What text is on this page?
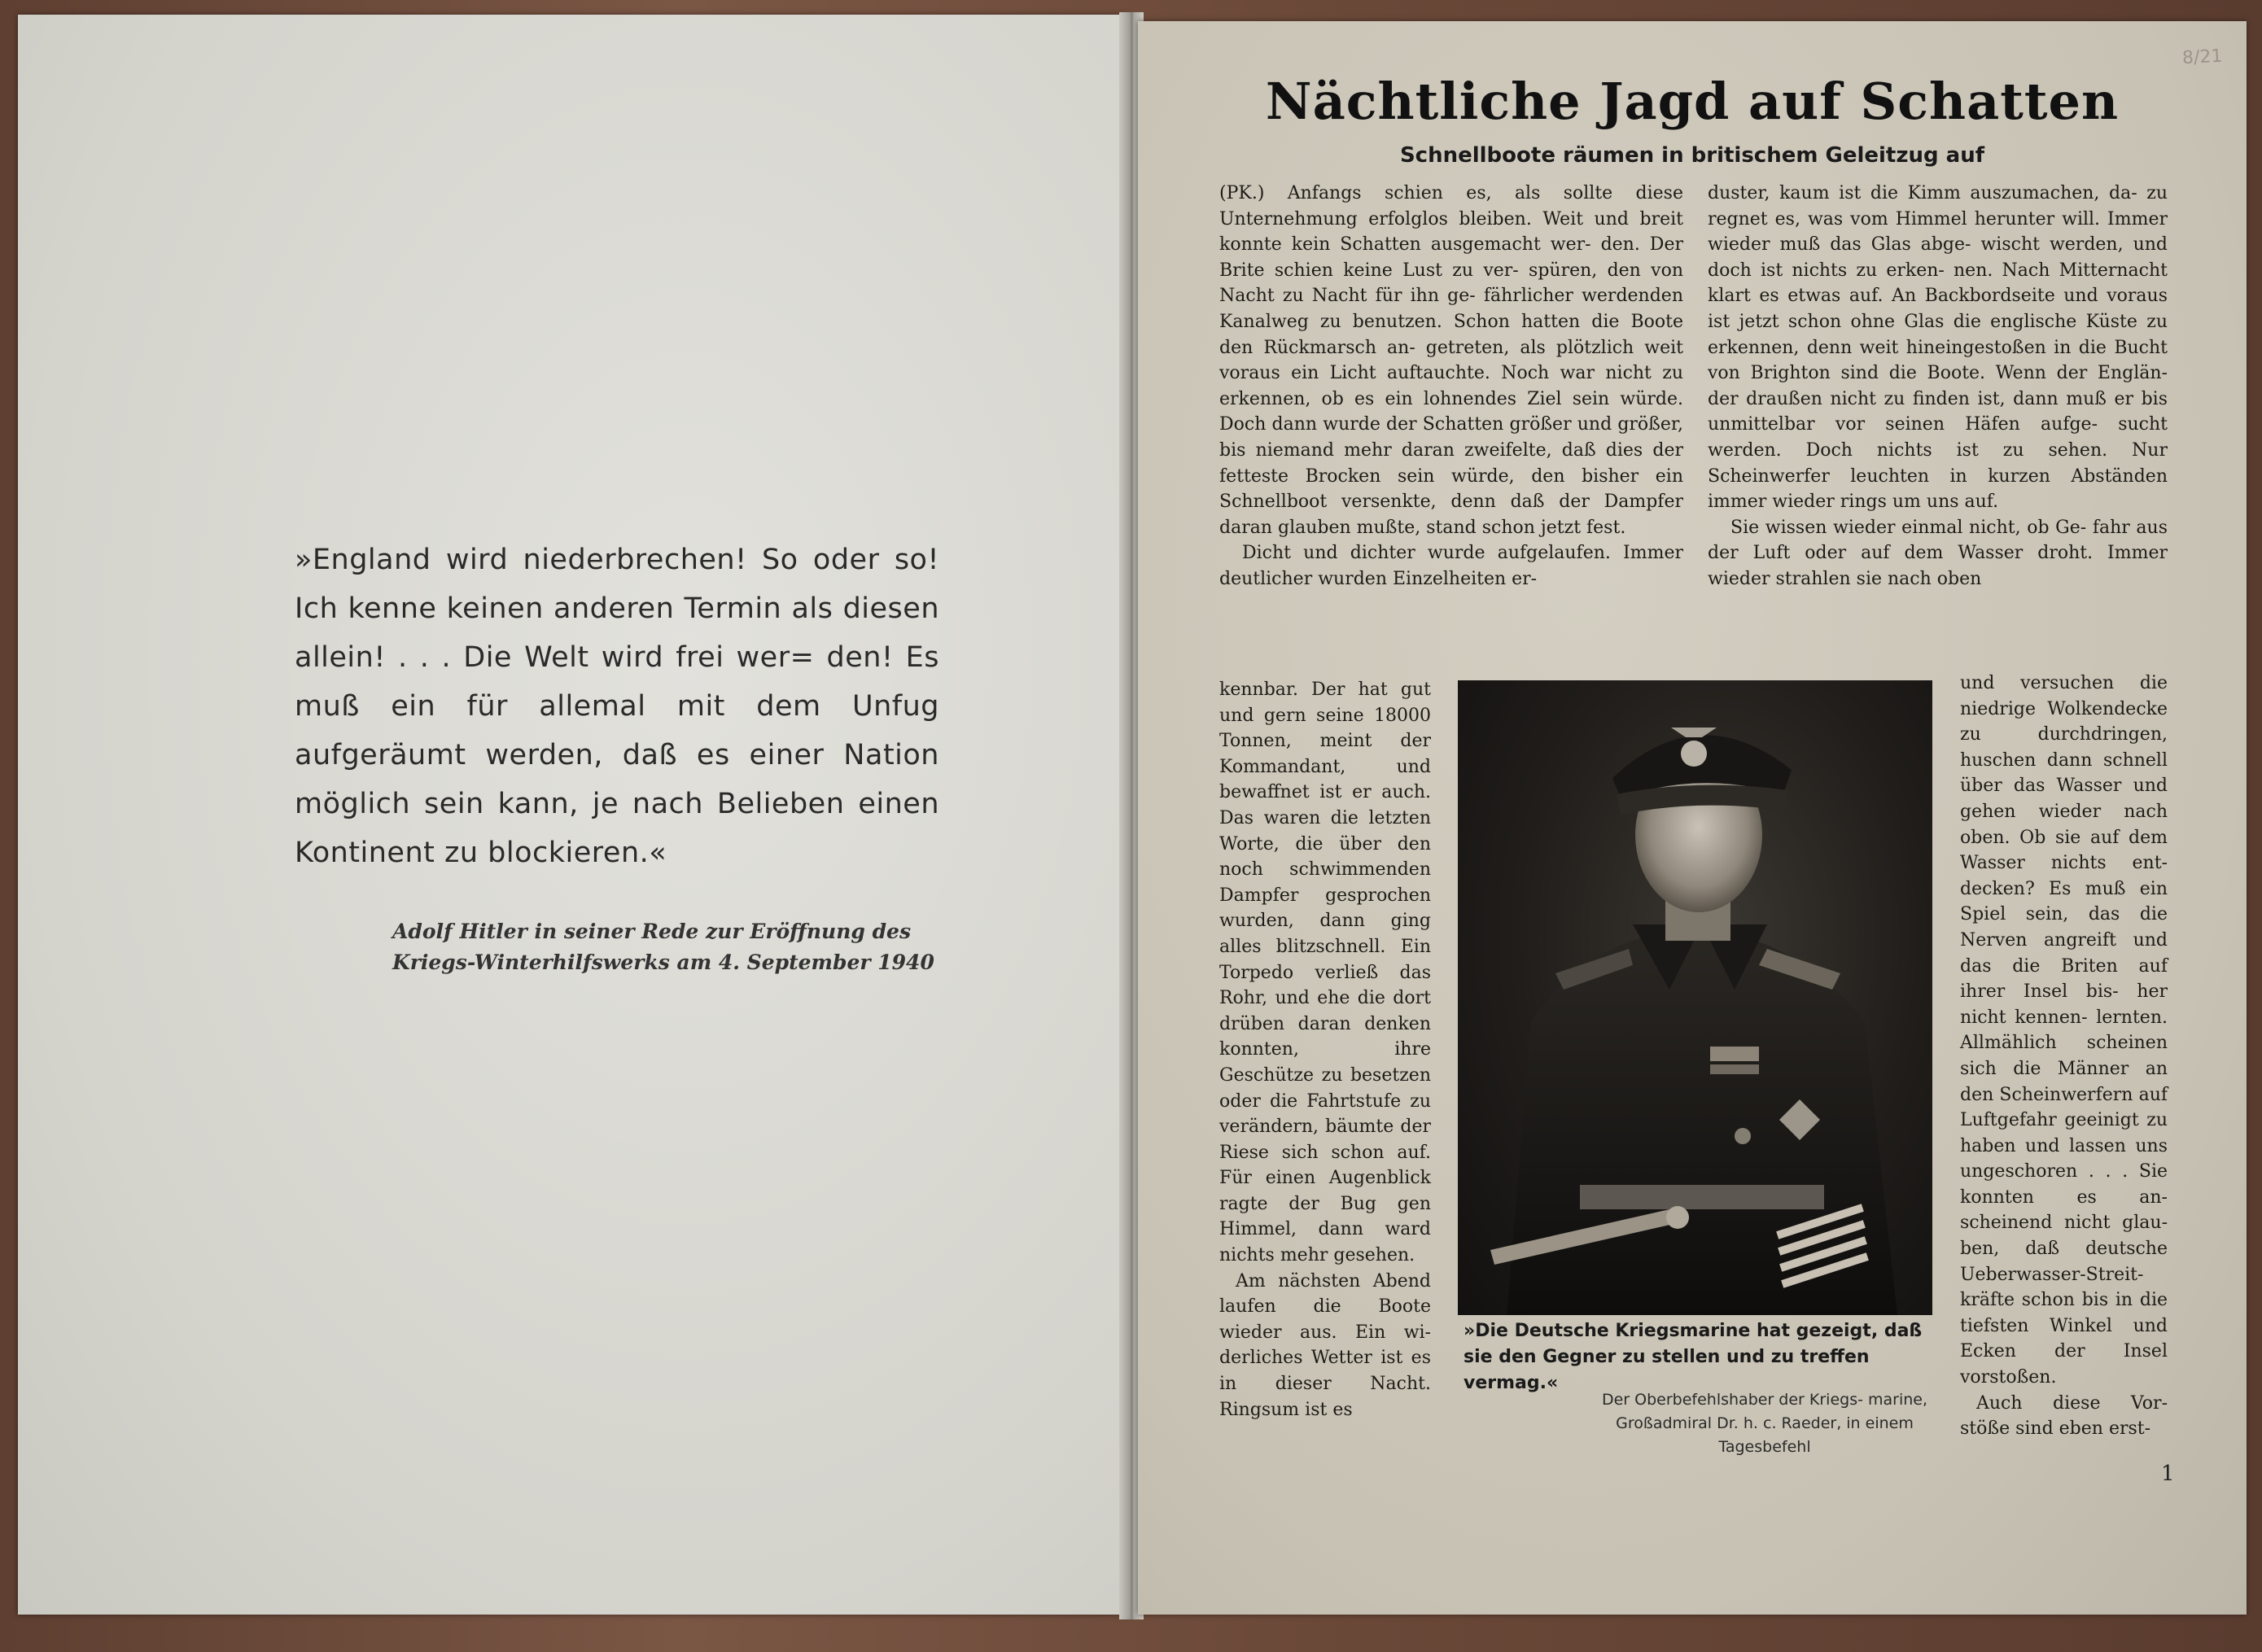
»England wird niederbrechen! So oder so! Ich kenne keinen anderen Termin als diesen allein! . . . Die Welt wird frei wer= den! Es muß ein für allemal mit dem Unfug aufgeräumt werden, daß es einer Nation möglich sein kann, je nach Belieben einen Kontinent zu blockieren.«
Adolf Hitler in seiner Rede zur Eröffnung des
Kriegs-Winterhilfswerks am 4. September 1940
8/21
Nächtliche Jagd auf Schatten
Schnellboote räumen in britischem Geleitzug auf

(PK.) Anfangs schien es, als sollte diese Unternehmung erfolglos bleiben. Weit und breit konnte kein Schatten ausgemacht wer- den. Der Brite schien keine Lust zu ver- spüren, den von Nacht zu Nacht für ihn ge- fährlicher werdenden Kanalweg zu benutzen. Schon hatten die Boote den Rückmarsch an- getreten, als plötzlich weit voraus ein Licht auftauchte. Noch war nicht zu erkennen, ob es ein lohnendes Ziel sein würde. Doch dann wurde der Schatten größer und größer, bis niemand mehr daran zweifelte, daß dies der fetteste Brocken sein würde, den bisher ein Schnellboot versenkte, denn daß der Dampfer daran glauben mußte, stand schon jetzt fest.

Dicht und dichter wurde aufgelaufen. Immer deutlicher wurden Einzelheiten er-

kennbar. Der hat gut und gern seine 18000 Tonnen, meint der Kommandant, und bewaffnet ist er auch. Das waren die letzten Worte, die über den noch schwimmenden Dampfer gesprochen wurden, dann ging alles blitzschnell. Ein Torpedo verließ das Rohr, und ehe die dort drüben daran denken konnten, ihre Geschütze zu besetzen oder die Fahrtstufe zu verändern, bäumte der Riese sich schon auf. Für einen Augenblick ragte der Bug gen Himmel, dann ward nichts mehr gesehen.

Am nächsten Abend laufen die Boote wieder aus. Ein wi- derliches Wetter ist es in dieser Nacht. Ringsum ist es

duster, kaum ist die Kimm auszumachen, da- zu regnet es, was vom Himmel herunter will. Immer wieder muß das Glas abge- wischt werden, und doch ist nichts zu erken- nen. Nach Mitternacht klart es etwas auf. An Backbordseite und voraus ist jetzt schon ohne Glas die englische Küste zu erkennen, denn weit hineingestoßen in die Bucht von Brighton sind die Boote. Wenn der Englän- der draußen nicht zu finden ist, dann muß er bis unmittelbar vor seinen Häfen aufge- sucht werden. Doch nichts ist zu sehen. Nur Scheinwerfer leuchten in kurzen Abständen immer wieder rings um uns auf.

Sie wissen wieder einmal nicht, ob Ge- fahr aus der Luft oder auf dem Wasser droht. Immer wieder strahlen sie nach oben

und versuchen die niedrige Wolkendecke zu durchdringen, huschen dann schnell über das Wasser und gehen wieder nach oben. Ob sie auf dem Wasser nichts ent- decken? Es muß ein Spiel sein, das die Nerven angreift und das die Briten auf ihrer Insel bis- her nicht kennen- lernten. Allmählich scheinen sich die Männer an den Scheinwerfern auf Luftgefahr geeinigt zu haben und lassen uns ungeschoren . . . Sie konnten es an- scheinend nicht glau- ben, daß deutsche Ueberwasser-Streit- kräfte schon bis in die tiefsten Winkel und Ecken der Insel vorstoßen.

Auch diese Vor- stöße sind eben erst-

»Die Deutsche Kriegsmarine hat gezeigt, daß sie den Gegner zu stellen und zu treffen vermag.«
Der Oberbefehlshaber der Kriegs- marine, Großadmiral Dr. h. c. Raeder, in einem Tagesbefehl
1
